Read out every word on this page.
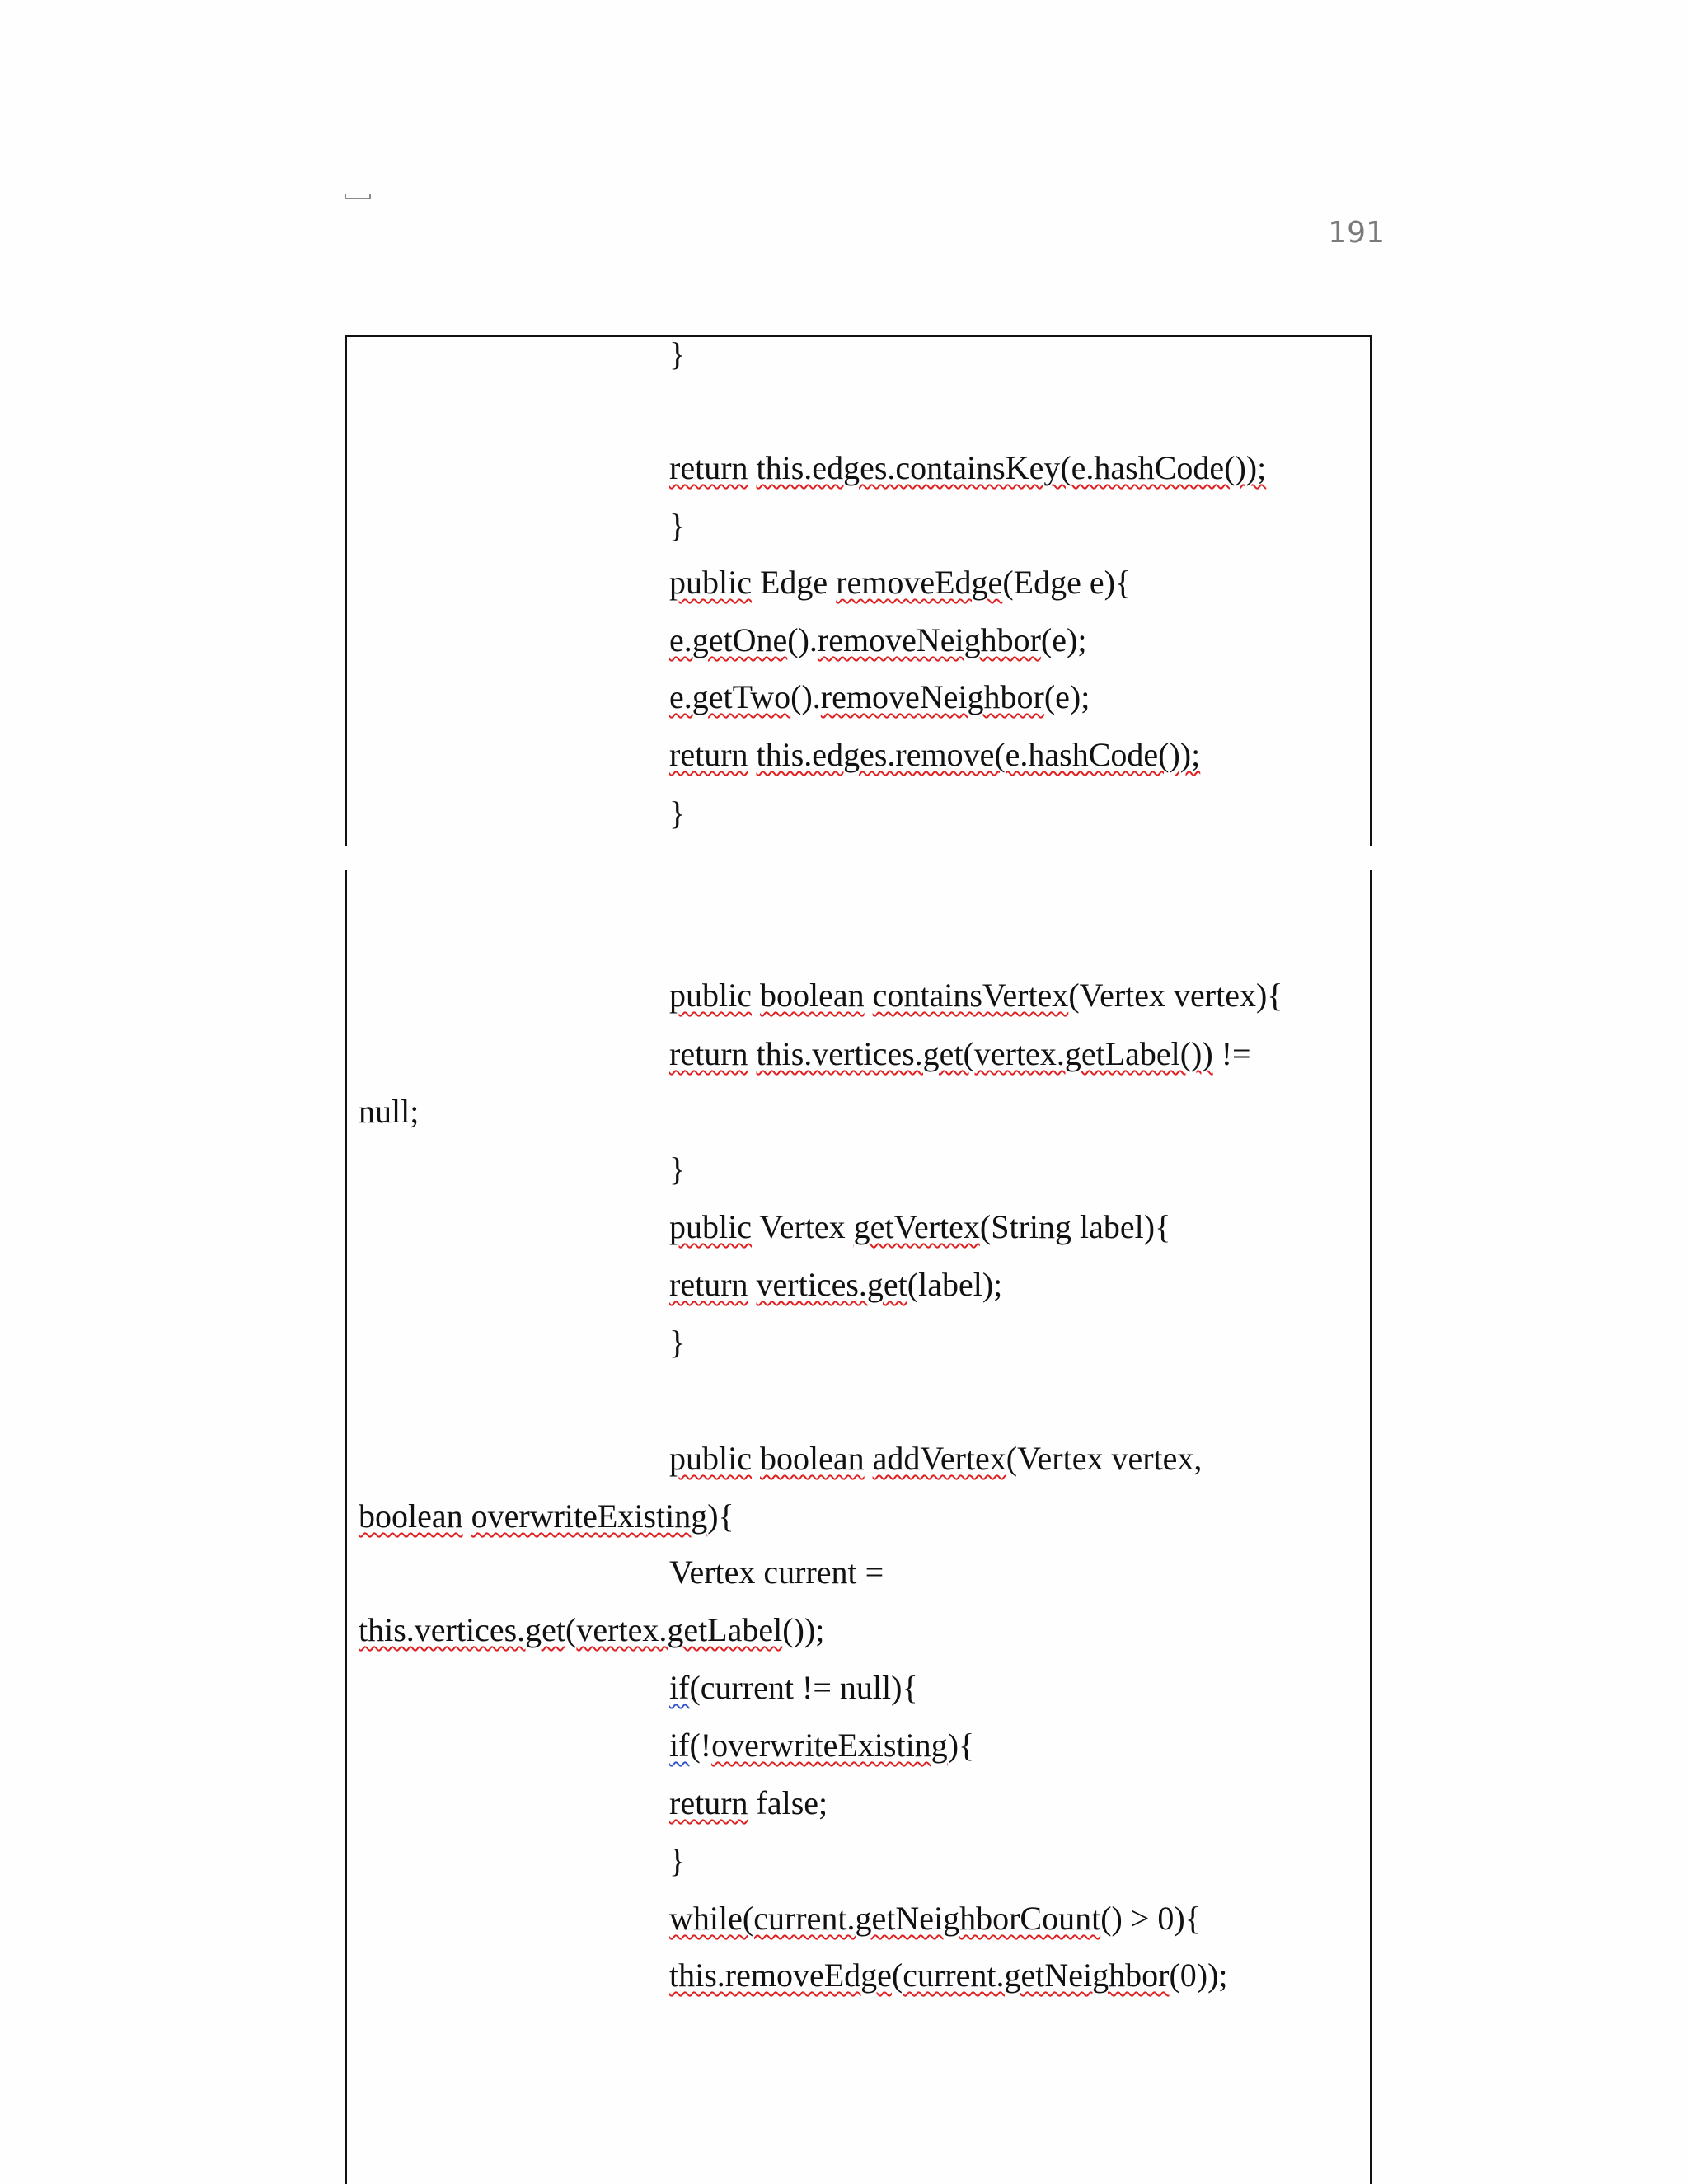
191
}
return this.edges.containsKey(e.hashCode());
}
public Edge removeEdge(Edge e){
e.getOne().removeNeighbor(e);
e.getTwo().removeNeighbor(e);
return this.edges.remove(e.hashCode());
}
public boolean containsVertex(Vertex vertex){
return this.vertices.get(vertex.getLabel()) !=
null;
}
public Vertex getVertex(String label){
return vertices.get(label);
}
public boolean addVertex(Vertex vertex,
boolean overwriteExisting){
Vertex current =
this.vertices.get(vertex.getLabel());
if(current != null){
if(!overwriteExisting){
return false;
}
while(current.getNeighborCount() > 0){
this.removeEdge(current.getNeighbor(0));
